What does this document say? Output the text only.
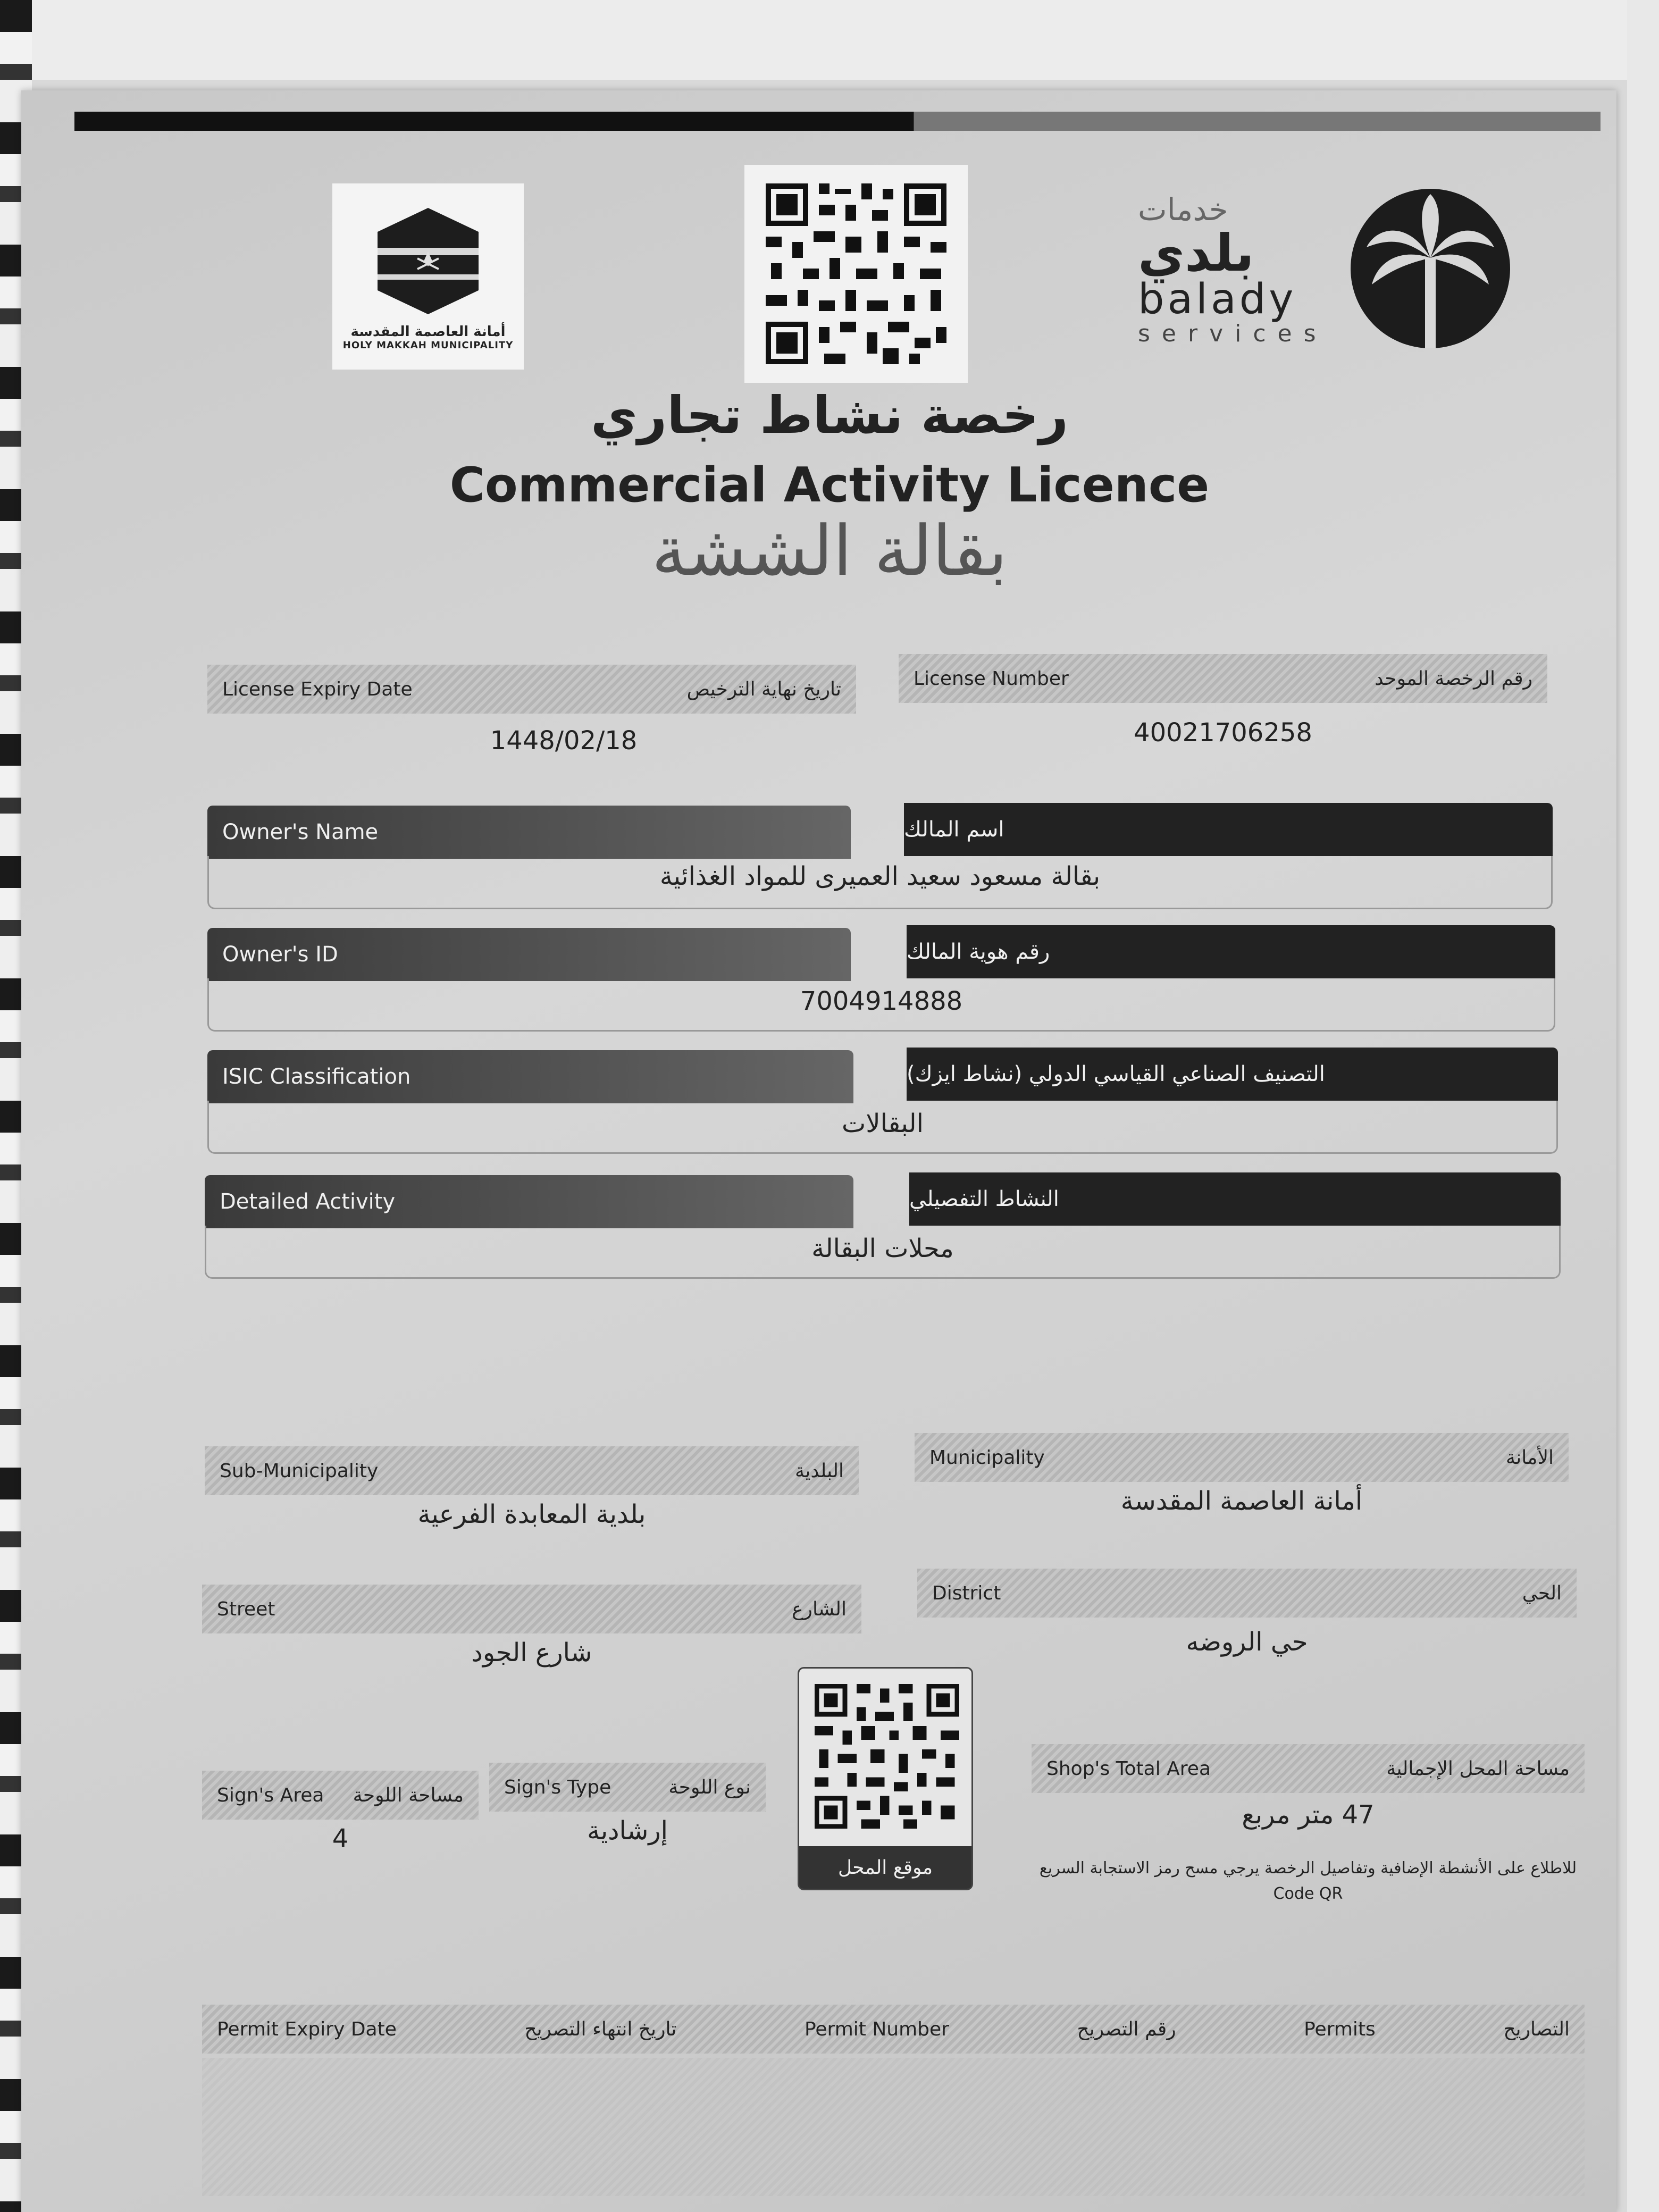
أمانة العاصمة المقدسة
HOLY MAKKAH MUNICIPALITY
خدمات
بلدي
balady
services
رخصة نشاط تجاري
Commercial Activity Licence
بقالة الششة
License Expiry Date	تاريخ نهاية الترخيص
1448/02/18
License Number	رقم الرخصة الموحد
40021706258
Owner's Name	اسم المالك
بقالة مسعود سعيد العميرى للمواد الغذائية
Owner's ID	رقم هوية المالك
7004914888
ISIC Classification	التصنيف الصناعي القياسي الدولي (نشاط ايزك)
البقالات
Detailed Activity	النشاط التفصيلي
محلات البقالة
Sub-Municipality	البلدية
بلدية المعابدة الفرعية
Municipality	الأمانة
أمانة العاصمة المقدسة
Street	الشارع
شارع الجود
District	الحي
حي الروضه
Sign's Area مساحة اللوحة
4
Sign's Type	نوع اللوحة
إرشادية
موقع المحل
Shop's Total Area	مساحة المحل الإجمالية
47 متر مربع
للاطلاع على الأنشطة الإضافية وتفاصيل الرخصة يرجي مسح رمز الاستجابة السريع Code QR
Permit Expiry Date	تاريخ انتهاء التصريح	Permit Number	رقم التصريح	Permits	التصاريح
